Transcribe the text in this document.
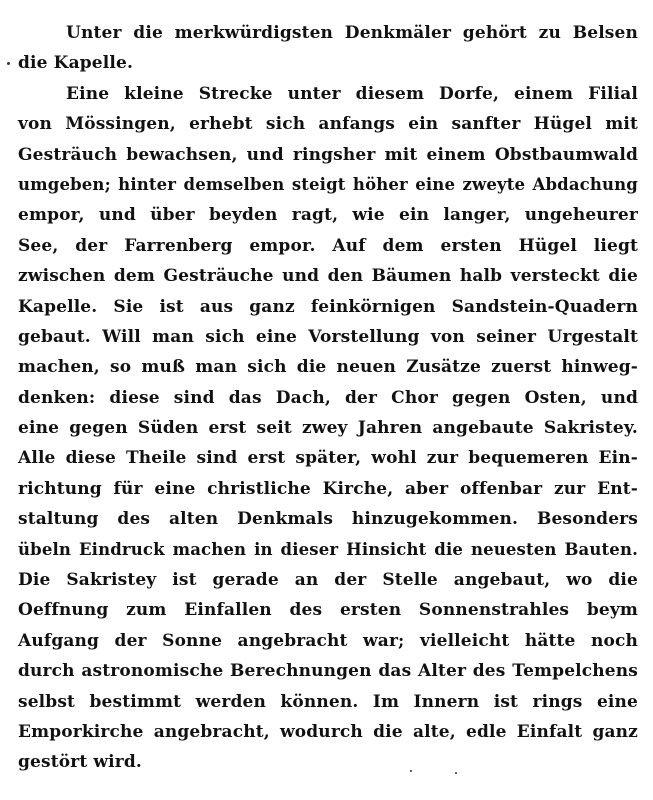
Unter die merkwürdigsten Denkmäler gehört zu Belsen
die Kapelle.
Eine kleine Strecke unter diesem Dorfe, einem Filial
von Mössingen, erhebt sich anfangs ein sanfter Hügel mit
Gesträuch bewachsen, und ringsher mit einem Obstbaumwald
umgeben; hinter demselben steigt höher eine zweyte Abdachung
empor, und über beyden ragt, wie ein langer, ungeheurer
See, der Farrenberg empor. Auf dem ersten Hügel liegt
zwischen dem Gesträuche und den Bäumen halb versteckt die
Kapelle. Sie ist aus ganz feinkörnigen Sandstein-Quadern
gebaut. Will man sich eine Vorstellung von seiner Urgestalt
machen, so muß man sich die neuen Zusätze zuerst hinweg-
denken: diese sind das Dach, der Chor gegen Osten, und
eine gegen Süden erst seit zwey Jahren angebaute Sakristey.
Alle diese Theile sind erst später, wohl zur bequemeren Ein-
richtung für eine christliche Kirche, aber offenbar zur Ent-
staltung des alten Denkmals hinzugekommen. Besonders
übeln Eindruck machen in dieser Hinsicht die neuesten Bauten.
Die Sakristey ist gerade an der Stelle angebaut, wo die
Oeffnung zum Einfallen des ersten Sonnenstrahles beym
Aufgang der Sonne angebracht war; vielleicht hätte noch
durch astronomische Berechnungen das Alter des Tempelchens
selbst bestimmt werden können. Im Innern ist rings eine
Emporkirche angebracht, wodurch die alte, edle Einfalt ganz
gestört wird.
